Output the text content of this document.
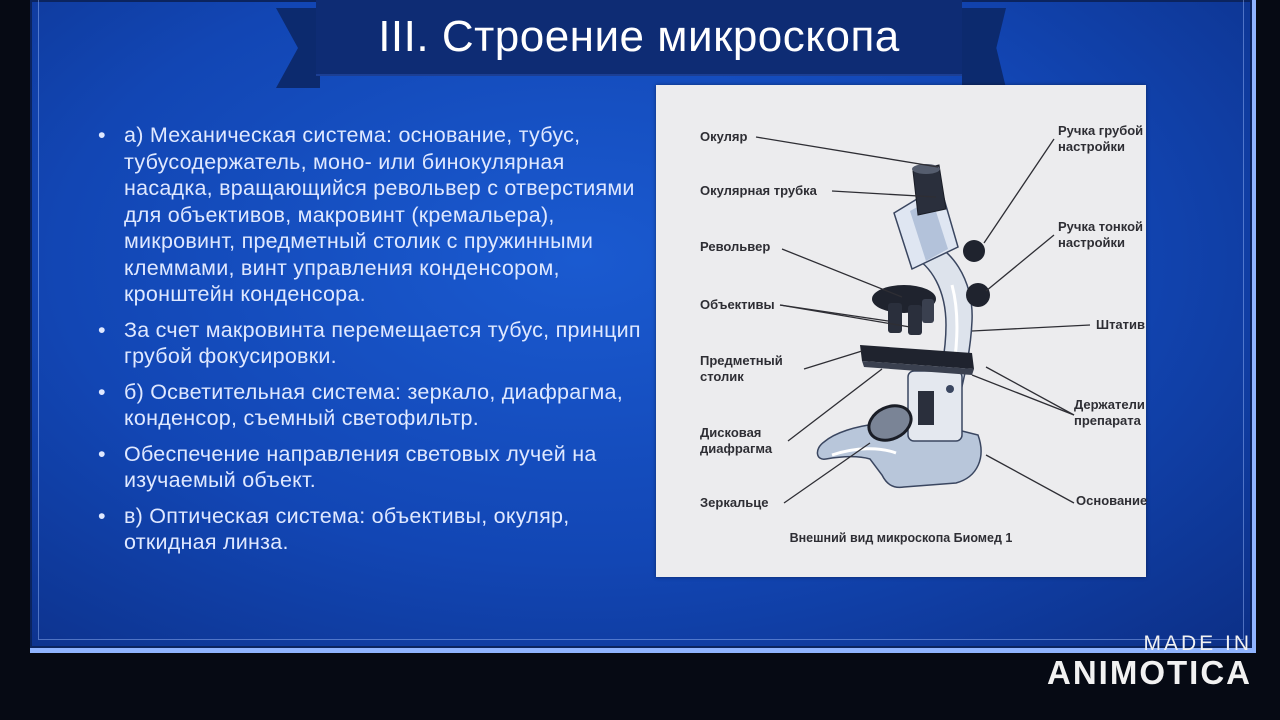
III. Строение микроскопа
• а) Механическая система: основание, тубус, тубусодержатель, моно- или бинокулярная насадка, вращающийся револьвер с отверстиями для объективов, макровинт (кремальера), микровинт, предметный столик с пружинными клеммами, винт управления конденсором, кронштейн конденсора.
• За счет макровинта перемещается тубус, принцип грубой фокусировки.
• б) Осветительная система: зеркало, диафрагма, конденсор, съемный светофильтр.
• Обеспечение направления световых лучей на изучаемый объект.
• в) Оптическая система: объективы, окуляр, откидная линза.
Окуляр
Окулярная трубка
Револьвер
Объективы
Предметный
столик
Дисковая
диафрагма
Зеркальце
Ручка грубой
настройки
Ручка тонкой
настройки
Штатив
Держатели
препарата
Основание
Внешний вид микроскопа Биомед 1
MADE IN
ANIMOTICA
